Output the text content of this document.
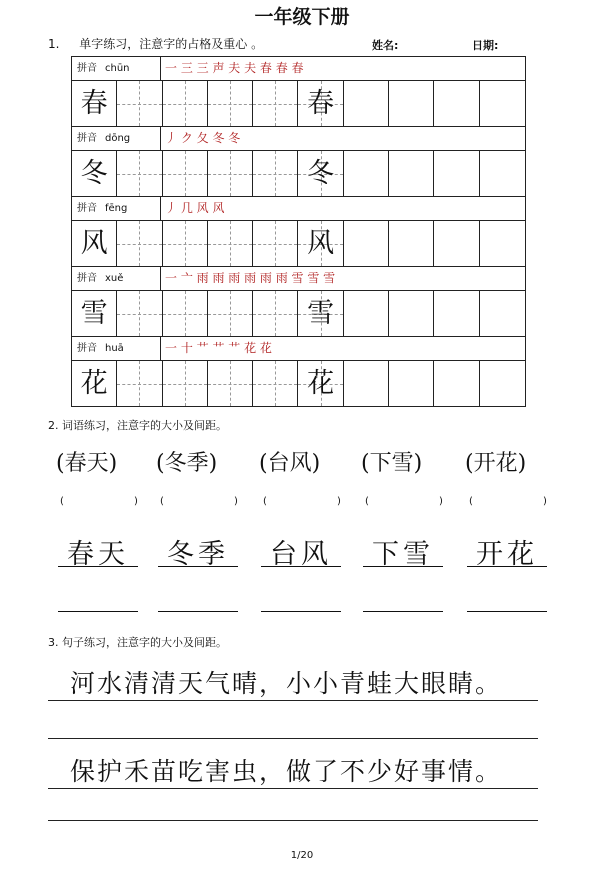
一年级下册
1. 单字练习，注意字的占格及重心 。	姓名:	日期:
拼音 chūn	一 三 三 声 夫 夫 春 春 春
春	春
拼音 dōng	丿 ク 夂 冬 冬
冬	冬
拼音 fēng	丿 几 风 风
风	风
拼音 xuě	一 亠 雨 雨 雨 雨 雨 雨 雪 雪 雪
雪	雪
拼音 huā	一 十 艹 艹 艹 花 花
花	花
2. 词语练习，注意字的大小及间距。
(春天)
(	)
春天
(冬季)
(	)
冬季
(台风)
(	)
台风
(下雪)
(	)
下雪
(开花)
(	)
开花
3. 句子练习，注意字的大小及间距。
河水清清天气晴，小小青蛙大眼睛。
保护禾苗吃害虫，做了不少好事情。
1/20
